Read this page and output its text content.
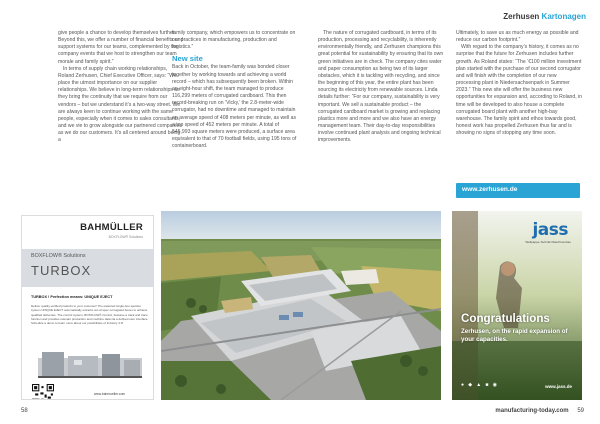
Zerhusen Kartonagen

give people a chance to develop themselves further. Beyond this, we offer a number of financial benefits and support systems for our teams, complemented by the company events that we host to strengthen our team morale and family spirit.”

In terms of supply chain working relationships, Roland Zerhusen, Chief Executive Officer, says: “We place the utmost importance on our supplier relationships. We believe in long-term relationships as they bring the continuity that we require from our vendors – but we understand it’s a two-way street. We are always keen to continue working with the same people, especially when it comes to sales consultants, and we vie to grow alongside our partnered companies as we do our customers. It’s all centered around being a

family company, which empowers us to concentrate on our practices in manufacturing, production and logistics.”

New site

Back in October, the team-family was bonded closer together by working towards and achieving a world record – which has subsequently been broken. Within an eight-hour shift, the team managed to produce 116,299 meters of corrugated cardboard. This then record-breaking run on ‘Vicky,’ the 2.8-meter-wide corrugator, had no downtime and managed to maintain an average speed of 408 meters per minute, as well as a top speed of 452 meters per minute. A total of 545,993 square meters were produced, a surface area equivalent to that of 70 football fields, using 195 tons of containerboard.

The nature of corrugated cardboard, in terms of its production, processing and recyclability, is inherently environmentally friendly, and Zerhusen champions this great potential for sustainability by ensuring that its own green initiatives are in check. The company cites water and paper consumption as being two of its larger obstacles, which it is tackling with recycling, and since the beginning of this year, the entire plant has been sourcing its electricity from renewable sources. Linda details further: “For our company, sustainability is very important. We sell a sustainable product – the corrugated cardboard market is growing and replacing plastics more and more and we also have an energy management team. Their day-to-day responsibilities involve continued plant analysis and ongoing technical improvements.

Ultimately, to save us as much energy as possible and reduce our carbon footprint.”

With regard to the company’s history, it comes as no surprise that the future for Zerhusen includes further growth. As Roland states: “The ‘€100 million investment plan started with the purchase of our second corrugator and will finish with the completion of our new processing plant in Niedersachsenpark in Summer 2023.” This new site will offer the business new opportunities for expansion and, according to Roland, in time will be developed to also house a complete corrugated board plant with another high-bay warehouse. The family spirit and ethos towards good, honest work has propelled Zerhusen thus far and is showing no signs of stopping any time soon.

www.zerhusen.de
BAHMÜLLER
BOXFLOW® Solutions
BOXFLOW® Solutions
TURBOX
TURBOX ! Perfection means: UNIQUE EJECT
Deliver quality-verified products to your customer! The patented single-box ejection system UNIQUE EJECT automatically extracts out-of-spec corrugated boxes to achieve qualified deliveries. The control system, BOXFLOW® Control, features a track and trace function and provides relevant production and machine data via a defined user interface. Schedule a demo to learn more about our possibilities of Industry 4.0!
www.bahmueller.com
jass
Wellpappe-Technik Maschinenbau
Congratulations
Zerhusen, on the rapid expansion of your capacities.
● ◆ ▲ ■ ◉	www.jass.de
58	manufacturing-today.com 59
